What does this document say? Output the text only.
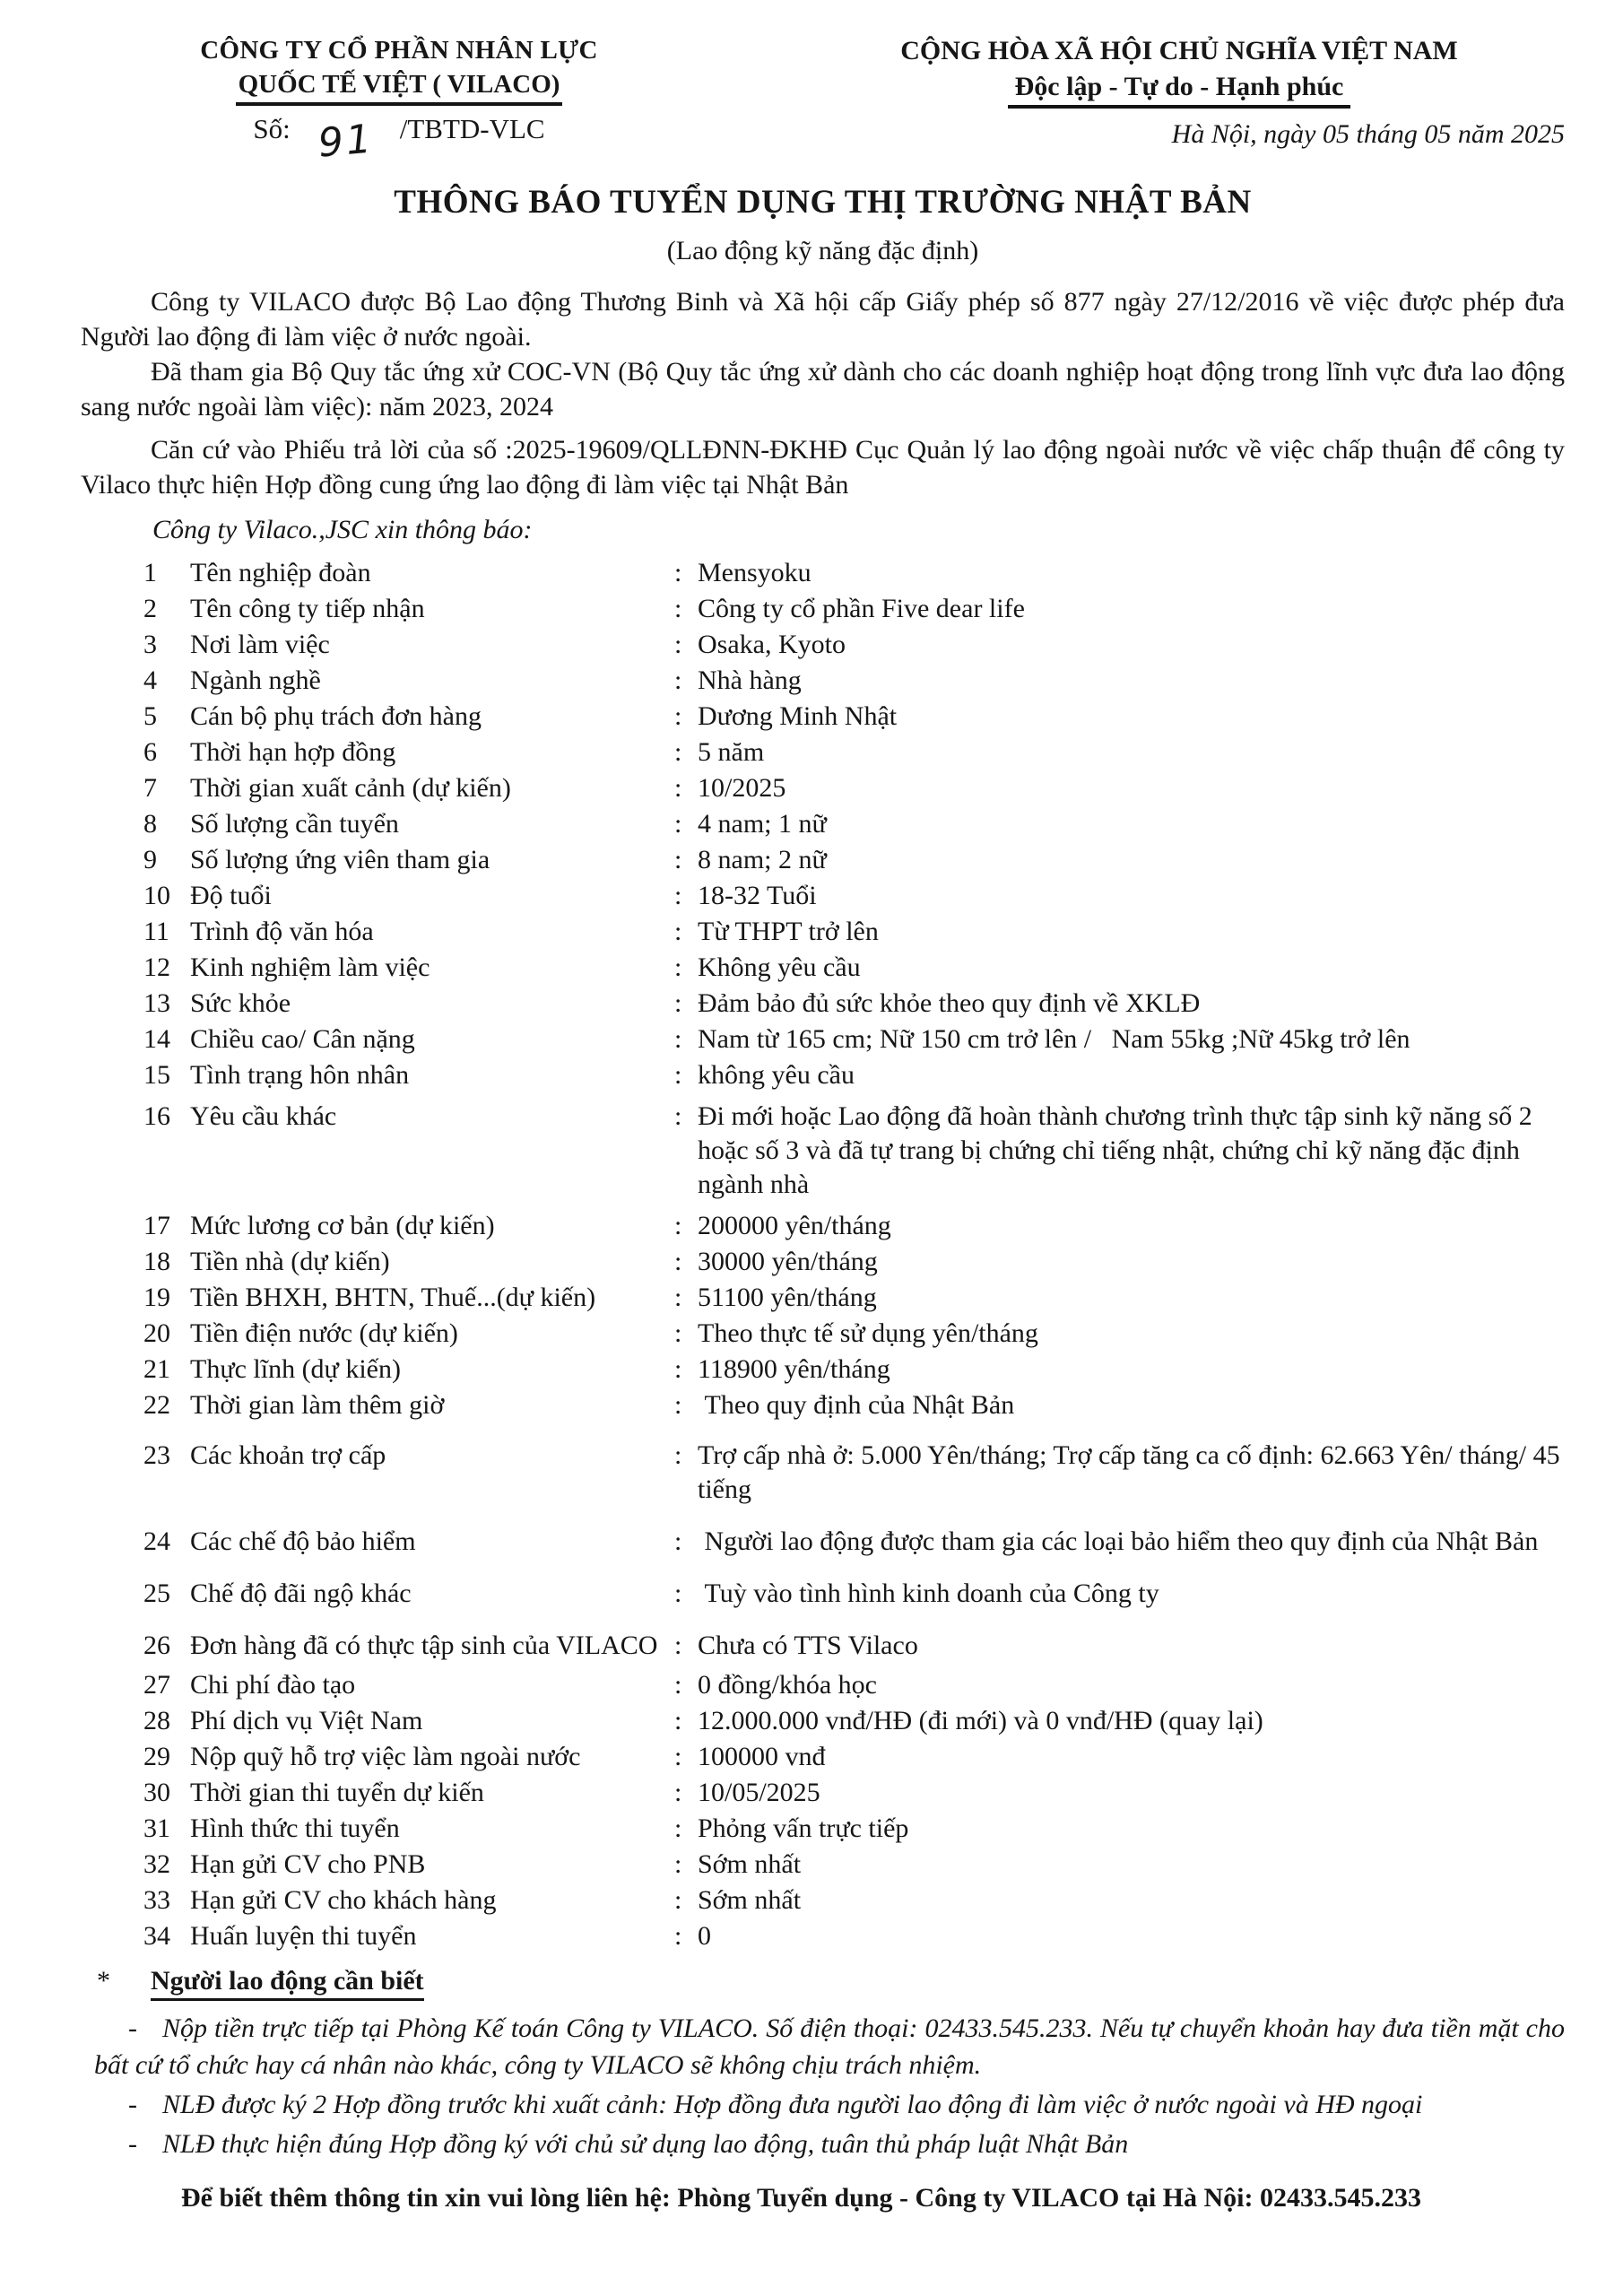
CÔNG TY CỔ PHẦN NHÂN LỰC
QUỐC TẾ VIỆT ( VILACO)
Số: 91 /TBTD-VLC
CỘNG HÒA XÃ HỘI CHỦ NGHĨA VIỆT NAM
Độc lập - Tự do - Hạnh phúc
Hà Nội, ngày 05 tháng 05 năm 2025
THÔNG BÁO TUYỂN DỤNG THỊ TRƯỜNG NHẬT BẢN
(Lao động kỹ năng đặc định)

Công ty VILACO được Bộ Lao động Thương Binh và Xã hội cấp Giấy phép số 877 ngày 27/12/2016 về việc được phép đưa Người lao động đi làm việc ở nước ngoài.

Đã tham gia Bộ Quy tắc ứng xử COC-VN (Bộ Quy tắc ứng xử dành cho các doanh nghiệp hoạt động trong lĩnh vực đưa lao động sang nước ngoài làm việc): năm 2023, 2024

Căn cứ vào Phiếu trả lời của số :2025-19609/QLLĐNN-ĐKHĐ Cục Quản lý lao động ngoài nước về việc chấp thuận để công ty Vilaco thực hiện Hợp đồng cung ứng lao động đi làm việc tại Nhật Bản

Công ty Vilaco.,JSC xin thông báo:
1	Tên nghiệp đoàn	: Mensyoku
2	Tên công ty tiếp nhận	: Công ty cổ phần Five dear life
3	Nơi làm việc	: Osaka, Kyoto
4	Ngành nghề	: Nhà hàng
5	Cán bộ phụ trách đơn hàng	: Dương Minh Nhật
6	Thời hạn hợp đồng	: 5 năm
7	Thời gian xuất cảnh (dự kiến)	: 10/2025
8	Số lượng cần tuyển	: 4 nam; 1 nữ
9	Số lượng ứng viên tham gia	: 8 nam; 2 nữ
10 Độ tuổi	: 18-32 Tuổi
11 Trình độ văn hóa	: Từ THPT trở lên
12 Kinh nghiệm làm việc	: Không yêu cầu
13 Sức khỏe	: Đảm bảo đủ sức khỏe theo quy định về XKLĐ
14 Chiều cao/ Cân nặng	: Nam từ 165 cm; Nữ 150 cm trở lên /   Nam 55kg ;Nữ 45kg trở lên
15 Tình trạng hôn nhân	: không yêu cầu
16 Yêu cầu khác	: Đi mới hoặc Lao động đã hoàn thành chương trình thực tập sinh kỹ năng số 2 hoặc số 3 và đã tự trang bị chứng chỉ tiếng nhật, chứng chỉ kỹ năng đặc định ngành nhà
17 Mức lương cơ bản (dự kiến)	: 200000 yên/tháng
18 Tiền nhà (dự kiến)	: 30000 yên/tháng
19 Tiền BHXH, BHTN, Thuế...(dự kiến)	: 51100 yên/tháng
20 Tiền điện nước (dự kiến)	: Theo thực tế sử dụng yên/tháng
21 Thực lĩnh (dự kiến)	: 118900 yên/tháng
22 Thời gian làm thêm giờ	: Theo quy định của Nhật Bản
23 Các khoản trợ cấp	: Trợ cấp nhà ở: 5.000 Yên/tháng; Trợ cấp tăng ca cố định: 62.663 Yên/ tháng/ 45 tiếng
24 Các chế độ bảo hiểm	: Người lao động được tham gia các loại bảo hiểm theo quy định của Nhật Bản
25 Chế độ đãi ngộ khác	: Tuỳ vào tình hình kinh doanh của Công ty
26 Đơn hàng đã có thực tập sinh của VILACO : Chưa có TTS Vilaco
27 Chi phí đào tạo	: 0 đồng/khóa học
28 Phí dịch vụ Việt Nam	: 12.000.000 vnđ/HĐ (đi mới) và 0 vnđ/HĐ (quay lại)
29 Nộp quỹ hỗ trợ việc làm ngoài nước	: 100000 vnđ
30 Thời gian thi tuyển dự kiến	: 10/05/2025
31 Hình thức thi tuyển	: Phỏng vấn trực tiếp
32 Hạn gửi CV cho PNB	: Sớm nhất
33 Hạn gửi CV cho khách hàng	: Sớm nhất
34 Huấn luyện thi tuyển	: 0
*	Người lao động cần biết
- Nộp tiền trực tiếp tại Phòng Kế toán Công ty VILACO. Số điện thoại: 02433.545.233. Nếu tự chuyển khoản hay đưa tiền mặt cho bất cứ tổ chức hay cá nhân nào khác, công ty VILACO sẽ không chịu trách nhiệm.
- NLĐ được ký 2 Hợp đồng trước khi xuất cảnh: Hợp đồng đưa người lao động đi làm việc ở nước ngoài và HĐ ngoại
- NLĐ thực hiện đúng Hợp đồng ký với chủ sử dụng lao động, tuân thủ pháp luật Nhật Bản
Để biết thêm thông tin xin vui lòng liên hệ: Phòng Tuyển dụng - Công ty VILACO tại Hà Nội: 02433.545.233
